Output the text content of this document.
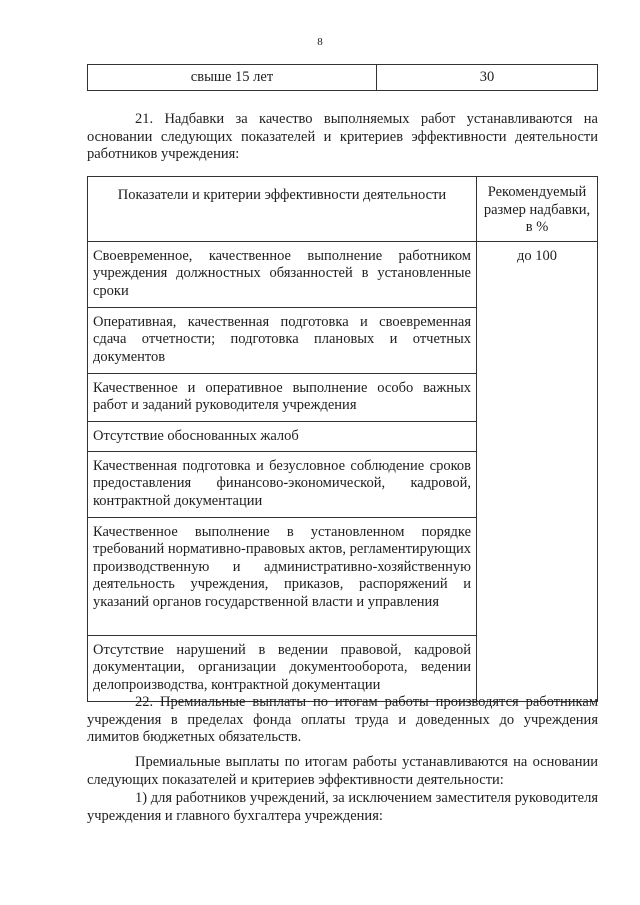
8
свыше 15 лет	30

21. Надбавки за качество выполняемых работ устанавливаются на основании следующих показателей и критериев эффективности деятельности работников учреждения:

Показатели и критерии эффективности деятельности	Рекомендуемый размер надбавки, в %
Своевременное, качественное выполнение работником учреждения должностных обязанностей в установленные сроки	до 100
Оперативная, качественная подготовка и своевременная сдача отчетности; подготовка плановых и отчетных документов	
Качественное и оперативное выполнение особо важных работ и заданий руководителя учреждения	
Отсутствие обоснованных жалоб	
Качественная подготовка и безусловное соблюдение сроков предоставления финансово-экономической, кадровой, контрактной документации	
Качественное выполнение в установленном порядке требований нормативно-правовых актов, регламентирующих производственную и административно-хозяйственную деятельность учреждения, приказов, распоряжений и указаний органов государственной власти и управления	
Отсутствие нарушений в ведении правовой, кадровой документации, организации документооборота, ведении делопроизводства, контрактной документации	

22. Премиальные выплаты по итогам работы производятся работникам учреждения в пределах фонда оплаты труда и доведенных до учреждения лимитов бюджетных обязательств.

Премиальные выплаты по итогам работы устанавливаются на основании следующих показателей и критериев эффективности деятельности:

1) для работников учреждений, за исключением заместителя руководителя учреждения и главного бухгалтера учреждения:
